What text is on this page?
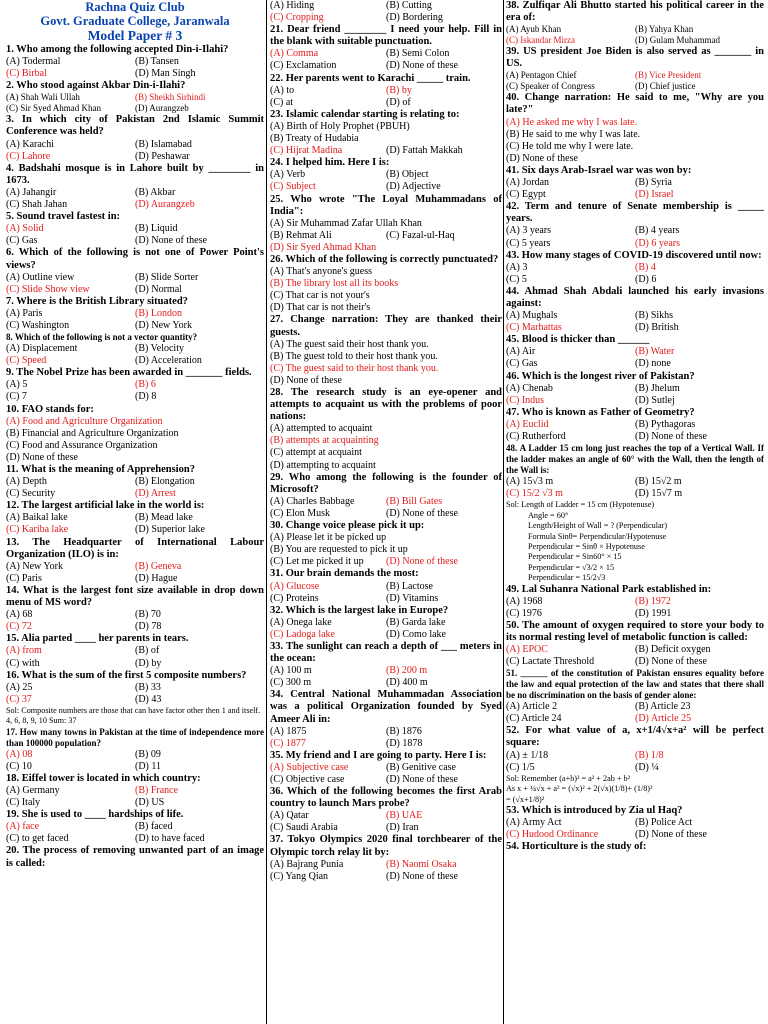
Rachna Quiz Club
Govt. Graduate College, Jaranwala
Model Paper # 3
1. Who among the following accepted Din-i-Ilahi?
(A) Todermal	(B) Tansen
(C) Birbal	(D) Man Singh
2. Who stood against Akbar Din-i-Ilahi?
(A) Shah Wali Ullah	(B) Sheikh Sirhindi
(C) Sir Syed Ahmad Khan	(D) Aurangzeb
3. In which city of Pakistan 2nd Islamic Summit Conference was held?
(A) Karachi	(B) Islamabad
(C) Lahore	(D) Peshawar
4. Badshahi mosque is in Lahore built by ________ in 1673.
(A) Jahangir	(B) Akbar
(C) Shah Jahan	(D) Aurangzeb
5. Sound travel fastest in:
(A) Solid	(B) Liquid
(C) Gas	(D) None of these
6. Which of the following is not one of Power Point's views?
(A) Outline view	(B) Slide Sorter
(C) Slide Show view	(D) Normal
7. Where is the British Library situated?
(A) Paris	(B) London
(C) Washington	(D) New York
8. Which of the following is not a vector quantity?
(A) Displacement	(B) Velocity
(C) Speed	(D) Acceleration
9. The Nobel Prize has been awarded in _______ fields.
(A) 5	(B) 6
(C) 7	(D) 8
10. FAO stands for:
(A) Food and Agriculture Organization
(B) Financial and Agriculture Organization
(C) Food and Assurance Organization
(D) None of these
11. What is the meaning of Apprehension?
(A) Depth	(B) Elongation
(C) Security	(D) Arrest
12. The largest artificial lake in the world is:
(A) Baikal lake	(B) Mead lake
(C) Kariba lake	(D) Superior lake
13. The Headquarter of International Labour Organization (ILO) is in:
(A) New York	(B) Geneva
(C) Paris	(D) Hague
14. What is the largest font size available in drop down menu of MS word?
(A) 68	(B) 70
(C) 72	(D) 78
15. Alia parted ____ her parents in tears.
(A) from	(B) of
(C) with	(D) by
16. What is the sum of the first 5 composite numbers?
(A) 25	(B) 33
(C) 37	(D) 43
Sol: Composite numbers are those that can have factor other then 1 and itself.
4, 6, 8, 9, 10 Sum: 37
17. How many towns in Pakistan at the time of independence more than 100000 population?
(A) 08	(B) 09
(C) 10	(D) 11
18. Eiffel tower is located in which country:
(A) Germany	(B) France
(C) Italy	(D) US
19. She is used to ____ hardships of life.
(A) face	(B) faced
(C) to get faced	(D) to have faced
20. The process of removing unwanted part of an image is called:
(A) Hiding	(B) Cutting
(C) Cropping	(D) Bordering
21. Dear friend ________ I need your help. Fill in the blank with suitable punctuation.
(A) Comma	(B) Semi Colon
(C) Exclamation	(D) None of these
22. Her parents went to Karachi _____ train.
(A) to	(B) by
(C) at	(D) of
23. Islamic calendar starting is relating to:
(A) Birth of Holy Prophet (PBUH)
(B) Treaty of Hudabia
(C) Hijrat Madina	(D) Fattah Makkah
24. I helped him. Here I is:
(A) Verb	(B) Object
(C) Subject	(D) Adjective
25. Who wrote "The Loyal Muhammadans of India":
(A) Sir Muhammad Zafar Ullah Khan
(B) Rehmat Ali	(C) Fazal-ul-Haq
(D) Sir Syed Ahmad Khan
26. Which of the following is correctly punctuated?
(A) That's anyone's guess
(B) The library lost all its books
(C) That car is not your's
(D) That car is not their's
27. Change narration: They are thanked their guests.
(A) The guest said their host thank you.
(B) The guest told to their host thank you.
(C) The guest said to their host thank you.
(D) None of these
28. The research study is an eye-opener and attempts to acquaint us with the problems of poor nations:
(A) attempted to acquaint
(B) attempts at acquainting
(C) attempt at acquaint
(D) attempting to acquaint
29. Who among the following is the founder of Microsoft?
(A) Charles Babbage	(B) Bill Gates
(C) Elon Musk	(D) None of these
30. Change voice please pick it up:
(A) Please let it be picked up
(B) You are requested to pick it up
(C) Let me picked it up	(D) None of these
31. Our brain demands the most:
(A) Glucose	(B) Lactose
(C) Proteins	(D) Vitamins
32. Which is the largest lake in Europe?
(A) Onega lake	(B) Garda lake
(C) Ladoga lake	(D) Como lake
33. The sunlight can reach a depth of ___ meters in the ocean:
(A) 100 m	(B) 200 m
(C) 300 m	(D) 400 m
34. Central National Muhammadan Association was a political Organization founded by Syed Ameer Ali in:
(A) 1875	(B) 1876
(C) 1877	(D) 1878
35. My friend and I are going to party. Here I is:
(A) Subjective case	(B) Genitive case
(C) Objective case	(D) None of these
36. Which of the following becomes the first Arab country to launch Mars probe?
(A) Qatar	(B) UAE
(C) Saudi Arabia	(D) Iran
37. Tokyo Olympics 2020 final torchbearer of the Olympic torch relay lit by:
(A) Bajrang Punia	(B) Naomi Osaka
(C) Yang Qian	(D) None of these
38. Zulfiqar Ali Bhutto started his political career in the era of:
(A) Ayub Khan	(B) Yahya Khan
(C) Iskandar Mirza	(D) Gulam Muhammad
39. US president Joe Biden is also served as _______ in US.
(A) Pentagon Chief	(B) Vice President
(C) Speaker of Congress	(D) Chief justice
40. Change narration: He said to me, "Why are you late?"
(A) He asked me why I was late.
(B) He said to me why I was late.
(C) He told me why I were late.
(D) None of these
41. Six days Arab-Israel war was won by:
(A) Jordan	(B) Syria
(C) Egypt	(D) Israel
42. Term and tenure of Senate membership is _____ years.
(A) 3 years	(B) 4 years
(C) 5 years	(D) 6 years
43. How many stages of COVID-19 discovered until now:
(A) 3	(B) 4
(C) 5	(D) 6
44. Ahmad Shah Abdali launched his early invasions against:
(A) Mughals	(B) Sikhs
(C) Marhattas	(D) British
45. Blood is thicker than ______
(A) Air	(B) Water
(C) Gas	(D) none
46. Which is the longest river of Pakistan?
(A) Chenab	(B) Jhelum
(C) Indus	(D) Sutlej
47. Who is known as Father of Geometry?
(A) Euclid	(B) Pythagoras
(C) Rutherford	(D) None of these
48. A Ladder 15 cm long just reaches the top of a Vertical Wall. If the ladder makes an angle of 60° with the Wall, then the length of the Wall is:
(A) 15√3 m	(B) 15√2 m
(C) 15/2 √3 m	(D) 15√7 m
Sol: Length of Ladder = 15 cm (Hypotenuse)
Angle = 60°
Length/Height of Wall = ? (Perpendicular)
Formula Sinθ= Perpendicular/Hypotenuse
Perpendicular = Sinθ × Hypotenuse
Perpendicular = Sin60° × 15
Perpendicular = √3/2 × 15
Perpendicular = 15/2√3
49. Lal Suhanra National Park established in:
(A) 1968	(B) 1972
(C) 1976	(D) 1991
50. The amount of oxygen required to store your body to its normal resting level of metabolic function is called:
(A) EPOC	(B) Deficit oxygen
(C) Lactate Threshold	(D) None of these
51. ______ of the constitution of Pakistan ensures equality before the law and equal protection of the law and states that there shall be no discrimination on the basis of gender alone:
(A) Article 2	(B) Article 23
(C) Article 24	(D) Article 25
52. For what value of a, x+1/4√x+a² will be perfect square:
(A) ± 1/18	(B) 1/8
(C) 1/5	(D) ¼
Sol: Remember (a+b)² = a² + 2ab + b²
As x + ¼√x + a² = (√x)² + 2(√x)(1/8)+ (1/8)²
= (√x+1/8)²
53. Which is introduced by Zia ul Haq?
(A) Army Act	(B) Police Act
(C) Hudood Ordinance	(D) None of these
54. Horticulture is the study of:
